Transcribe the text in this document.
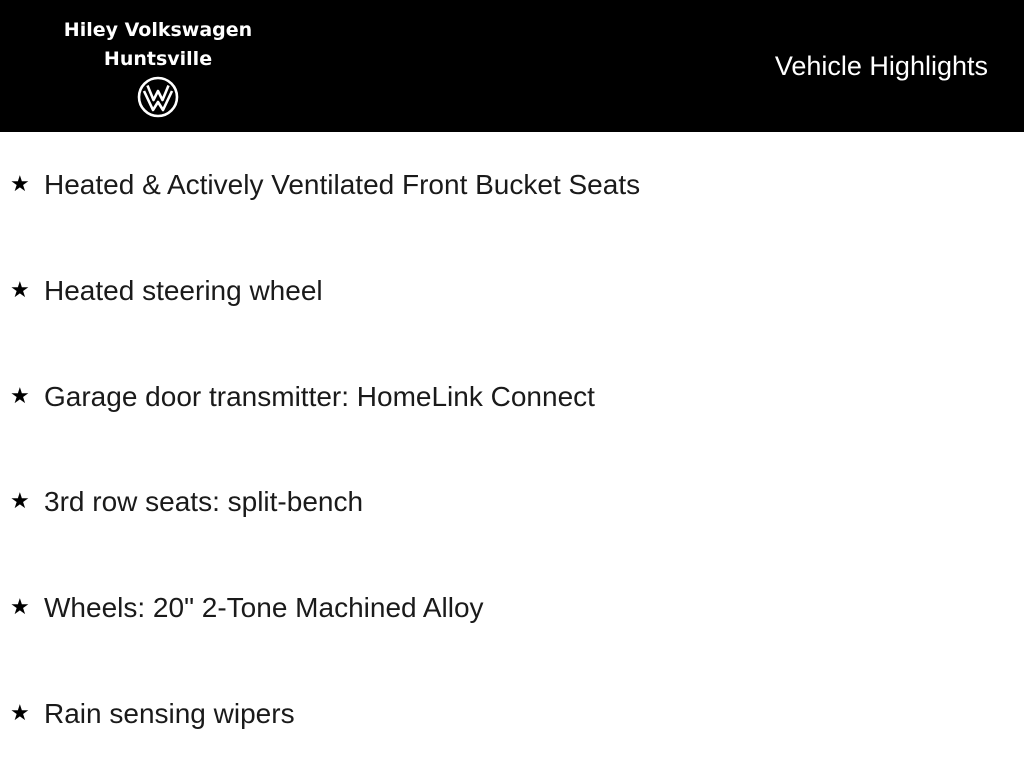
Hiley Volkswagen
Huntsville	Vehicle Highlights
★ Heated & Actively Ventilated Front Bucket Seats
★ Heated steering wheel
★ Garage door transmitter: HomeLink Connect
★ 3rd row seats: split-bench
★ Wheels: 20" 2-Tone Machined Alloy
★ Rain sensing wipers
